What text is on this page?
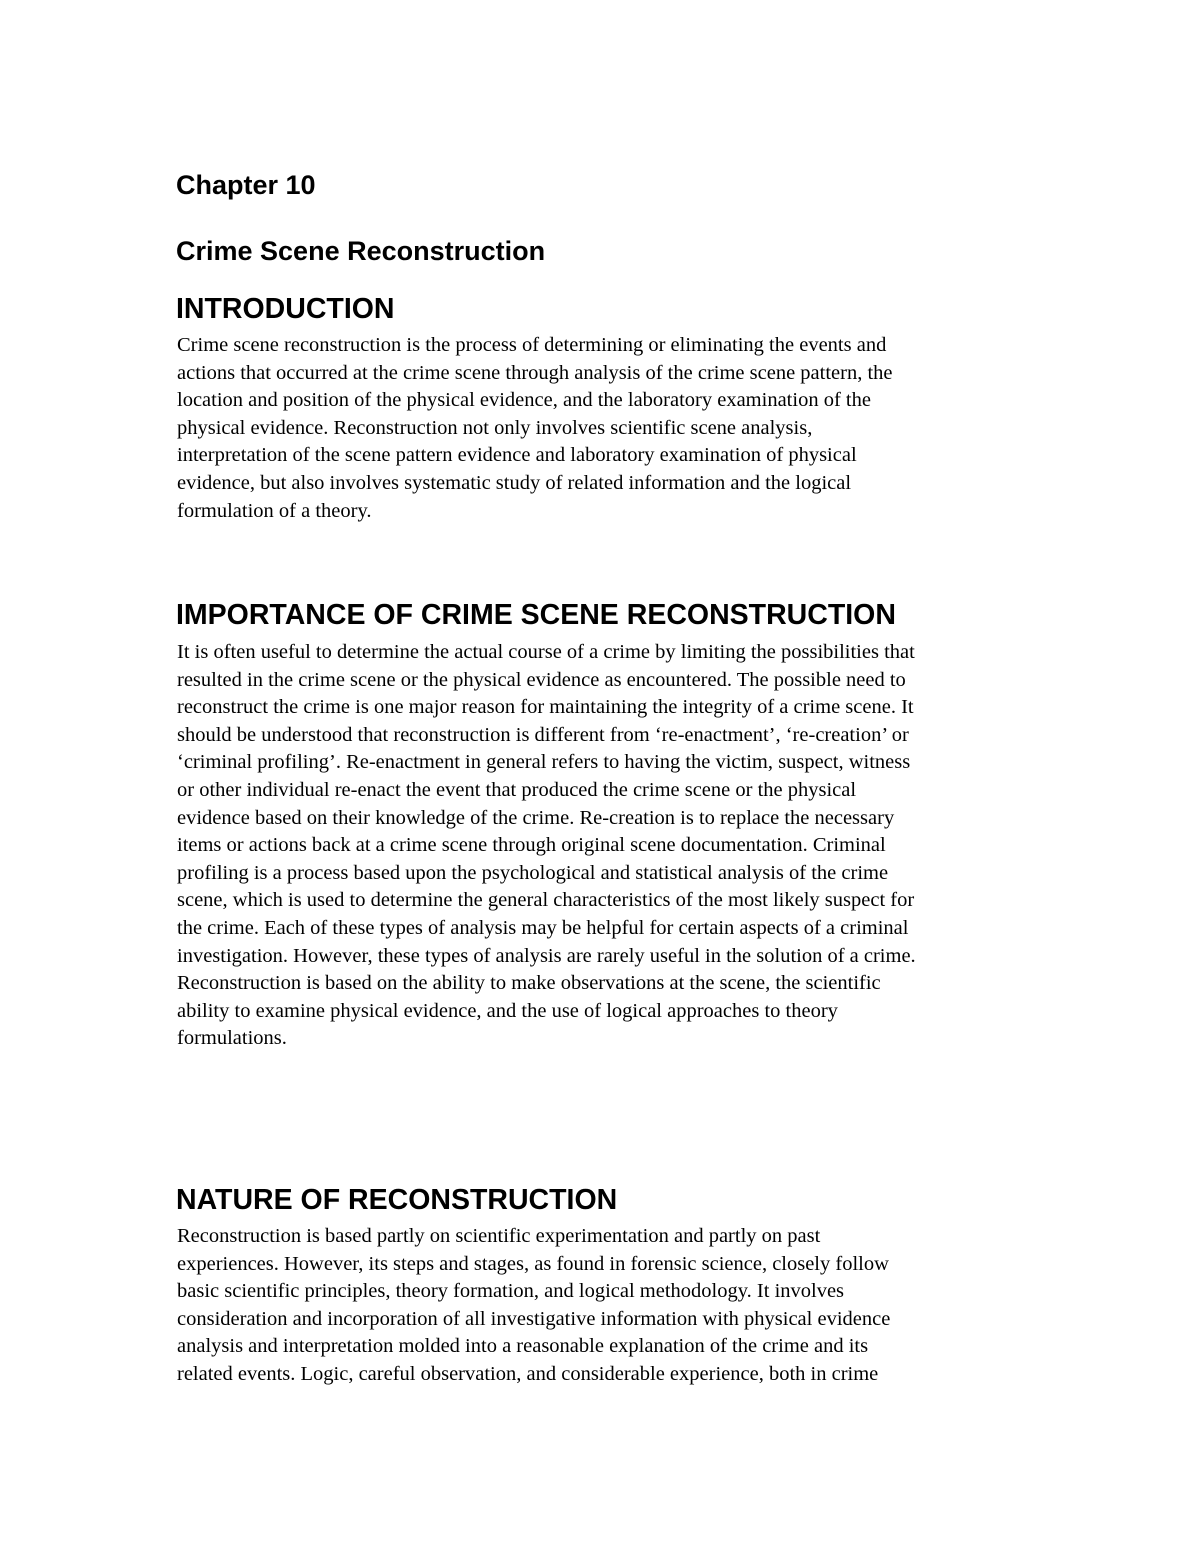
Chapter 10
Crime Scene Reconstruction
INTRODUCTION
Crime scene reconstruction is the process of determining or eliminating the events and
actions that occurred at the crime scene through analysis of the crime scene pattern, the
location and position of the physical evidence, and the laboratory examination of the
physical evidence. Reconstruction not only involves scientific scene analysis,
interpretation of the scene pattern evidence and laboratory examination of physical
evidence, but also involves systematic study of related information and the logical
formulation of a theory.
IMPORTANCE OF CRIME SCENE RECONSTRUCTION
It is often useful to determine the actual course of a crime by limiting the possibilities that
resulted in the crime scene or the physical evidence as encountered. The possible need to
reconstruct the crime is one major reason for maintaining the integrity of a crime scene. It
should be understood that reconstruction is different from ‘re-enactment’, ‘re-creation’ or
‘criminal profiling’. Re-enactment in general refers to having the victim, suspect, witness
or other individual re-enact the event that produced the crime scene or the physical
evidence based on their knowledge of the crime. Re-creation is to replace the necessary
items or actions back at a crime scene through original scene documentation. Criminal
profiling is a process based upon the psychological and statistical analysis of the crime
scene, which is used to determine the general characteristics of the most likely suspect for
the crime. Each of these types of analysis may be helpful for certain aspects of a criminal
investigation. However, these types of analysis are rarely useful in the solution of a crime.
Reconstruction is based on the ability to make observations at the scene, the scientific
ability to examine physical evidence, and the use of logical approaches to theory
formulations.
NATURE OF RECONSTRUCTION
Reconstruction is based partly on scientific experimentation and partly on past
experiences. However, its steps and stages, as found in forensic science, closely follow
basic scientific principles, theory formation, and logical methodology. It involves
consideration and incorporation of all investigative information with physical evidence
analysis and interpretation molded into a reasonable explanation of the crime and its
related events. Logic, careful observation, and considerable experience, both in crime
